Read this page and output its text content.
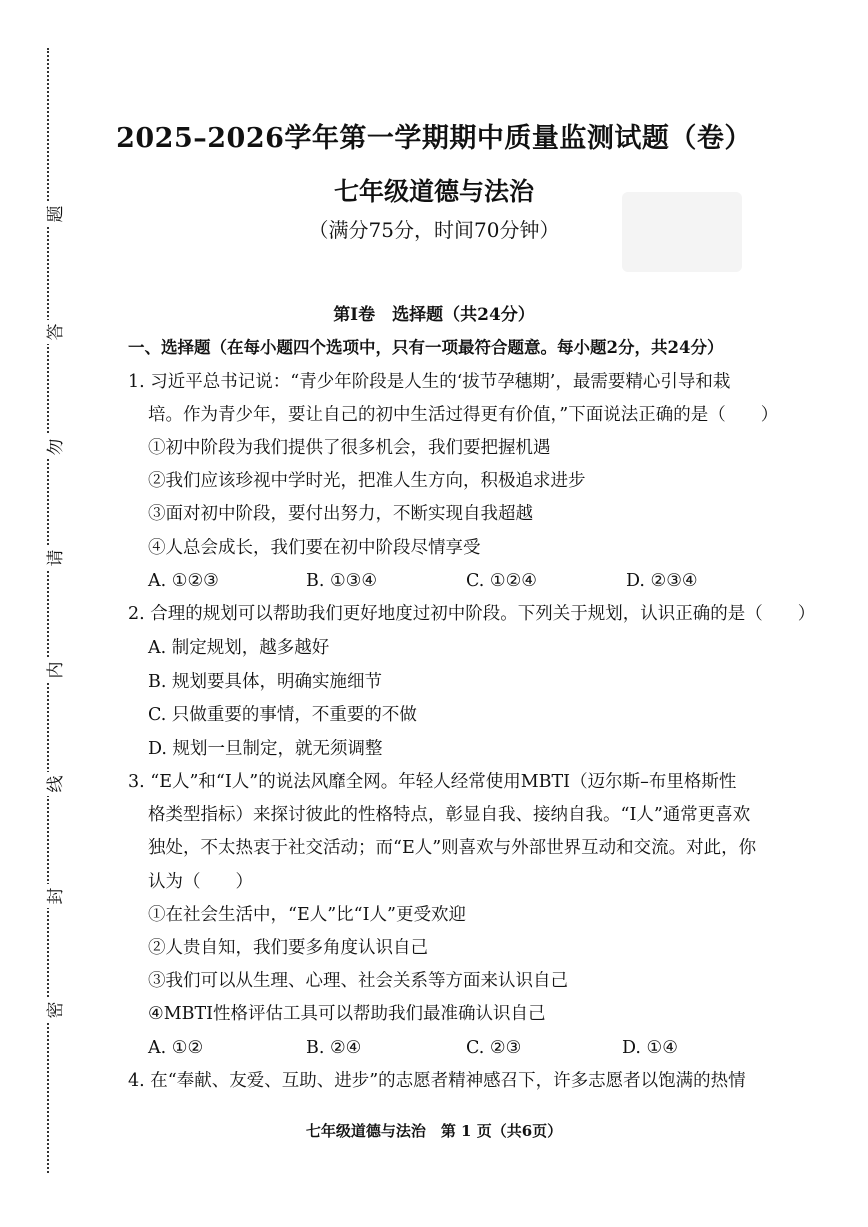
题
答
勿
请
内
线
封
密
2025–2026学年第一学期期中质量监测试题（卷）
七年级道德与法治
（满分75分，时间70分钟）
第Ⅰ卷　选择题（共24分）
一、选择题（在每小题四个选项中，只有一项最符合题意。每小题2分，共24分）
1. 习近平总书记说：“青少年阶段是人生的‘拔节孕穗期’，最需要精心引导和栽
培。作为青少年，要让自己的初中生活过得更有价值，”下面说法正确的是（　　）
①初中阶段为我们提供了很多机会，我们要把握机遇
②我们应该珍视中学时光，把准人生方向，积极追求进步
③面对初中阶段，要付出努力，不断实现自我超越
④人总会成长，我们要在初中阶段尽情享受
A. ①②③	B. ①③④	C. ①②④	D. ②③④
2. 合理的规划可以帮助我们更好地度过初中阶段。下列关于规划，认识正确的是（　　）
A. 制定规划，越多越好
B. 规划要具体，明确实施细节
C. 只做重要的事情，不重要的不做
D. 规划一旦制定，就无须调整
3. “E人”和“I人”的说法风靡全网。年轻人经常使用MBTI（迈尔斯–布里格斯性
格类型指标）来探讨彼此的性格特点，彰显自我、接纳自我。“I人”通常更喜欢
独处，不太热衷于社交活动；而“E人”则喜欢与外部世界互动和交流。对此，你
认为（　　）
①在社会生活中，“E人”比“I人”更受欢迎
②人贵自知，我们要多角度认识自己
③我们可以从生理、心理、社会关系等方面来认识自己
④MBTI性格评估工具可以帮助我们最准确认识自己
A. ①②	B. ②④	C. ②③	D. ①④
4. 在“奉献、友爱、互助、进步”的志愿者精神感召下，许多志愿者以饱满的热情
七年级道德与法治　第 1 页（共6页）
